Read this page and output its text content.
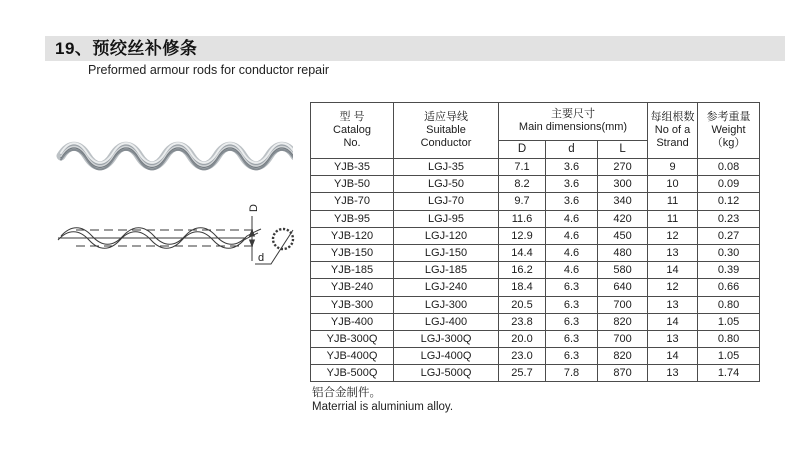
19、预绞丝补修条
Preformed armour rods for conductor repair
D
d
型 号
Catalog
No.	适应导线
Suitable
Conductor	主要尺寸
Main dimensions(mm)			每组根数
No of a
Strand	参考重量
Weight
（kg）

		D	d	L		
YJB-35	LGJ-35	7.1	3.6	270	9	0.08
YJB-50	LGJ-50	8.2	3.6	300	10	0.09
YJB-70	LGJ-70	9.7	3.6	340	11	0.12
YJB-95	LGJ-95	11.6	4.6	420	11	0.23
YJB-120	LGJ-120	12.9	4.6	450	12	0.27
YJB-150	LGJ-150	14.4	4.6	480	13	0.30
YJB-185	LGJ-185	16.2	4.6	580	14	0.39
YJB-240	LGJ-240	18.4	6.3	640	12	0.66
YJB-300	LGJ-300	20.5	6.3	700	13	0.80
YJB-400	LGJ-400	23.8	6.3	820	14	1.05
YJB-300Q	LGJ-300Q	20.0	6.3	700	13	0.80
YJB-400Q	LGJ-400Q	23.0	6.3	820	14	1.05
YJB-500Q	LGJ-500Q	25.7	7.8	870	13	1.74
铝合金制件。
Materrial is aluminium alloy.
